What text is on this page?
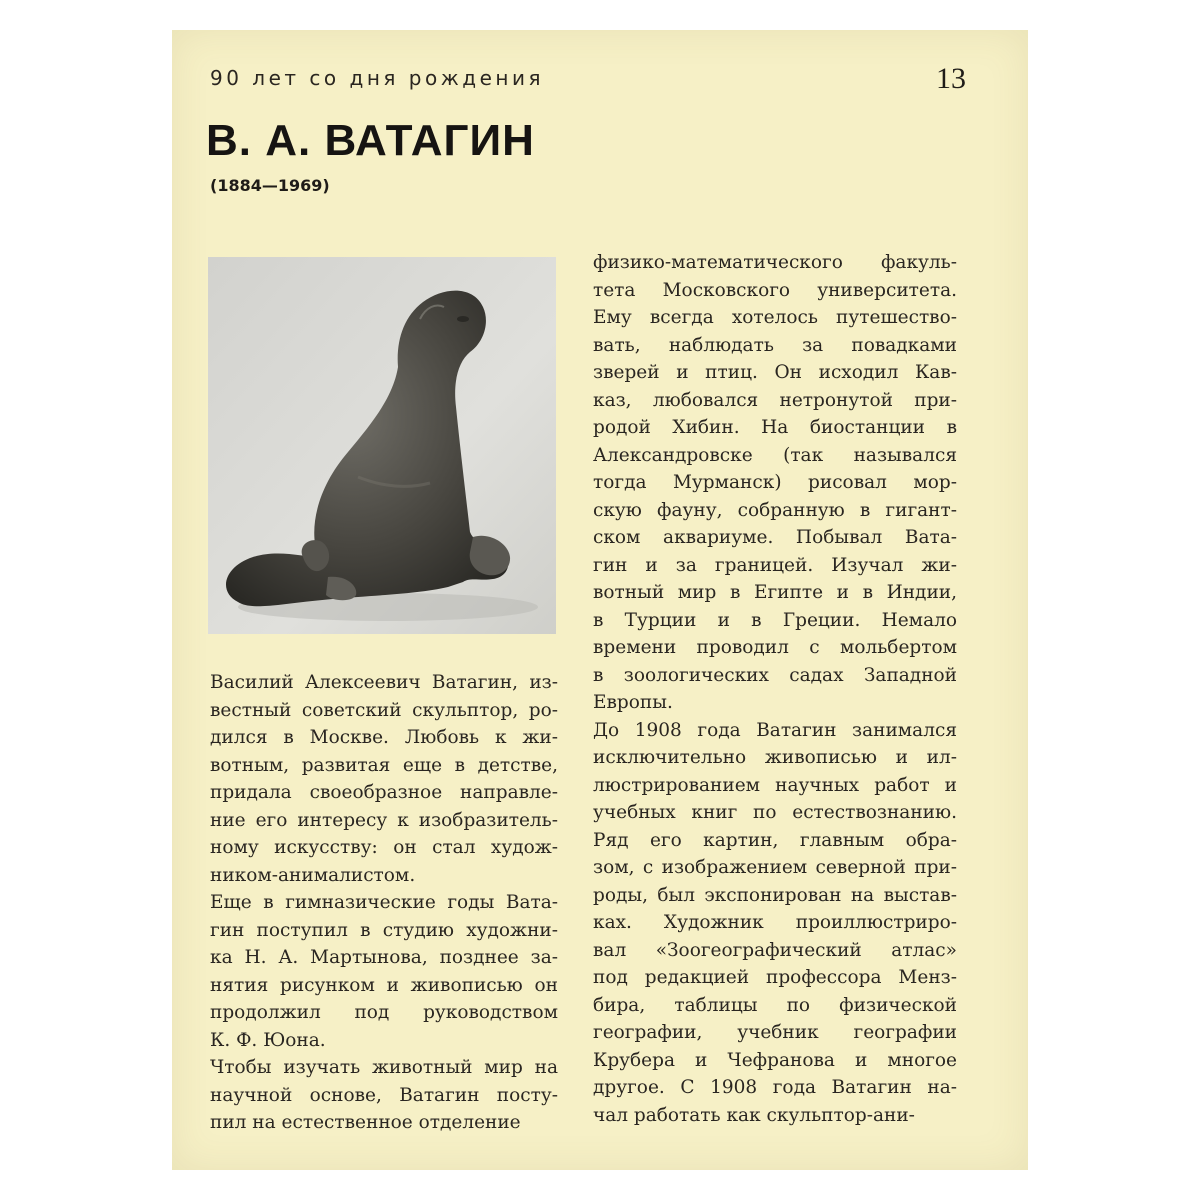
90 лет со дня рождения	13
В. А. ВАТАГИН
(1884—1969)
Василий Алексеевич Ватагин, из-
вестный советский скульптор, ро-
дился в Москве. Любовь к жи-
вотным, развитая еще в детстве,
придала своеобразное направле-
ние его интересу к изобразитель-
ному искусству: он стал худож-
ником-анималистом.
Еще в гимназические годы Вата-
гин поступил в студию художни-
ка Н. А. Мартынова, позднее за-
нятия рисунком и живописью он
продолжил под руководством
К. Ф. Юона.
Чтобы изучать животный мир на
научной основе, Ватагин посту-
пил на естественное отделение
физико-математического факуль-
тета Московского университета.
Ему всегда хотелось путешество-
вать, наблюдать за повадками
зверей и птиц. Он исходил Кав-
каз, любовался нетронутой при-
родой Хибин. На биостанции в
Александровске (так назывался
тогда Мурманск) рисовал мор-
скую фауну, собранную в гигант-
ском аквариуме. Побывал Вата-
гин и за границей. Изучал жи-
вотный мир в Египте и в Индии,
в Турции и в Греции. Немало
времени проводил с мольбертом
в зоологических садах Западной
Европы.
До 1908 года Ватагин занимался
исключительно живописью и ил-
люстрированием научных работ и
учебных книг по естествознанию.
Ряд его картин, главным обра-
зом, с изображением северной при-
роды, был экспонирован на выстав-
ках. Художник проиллюстриро-
вал «Зоогеографический атлас»
под редакцией профессора Менз-
бира, таблицы по физической
географии, учебник географии
Крубера и Чефранова и многое
другое. С 1908 года Ватагин на-
чал работать как скульптор-ани-
